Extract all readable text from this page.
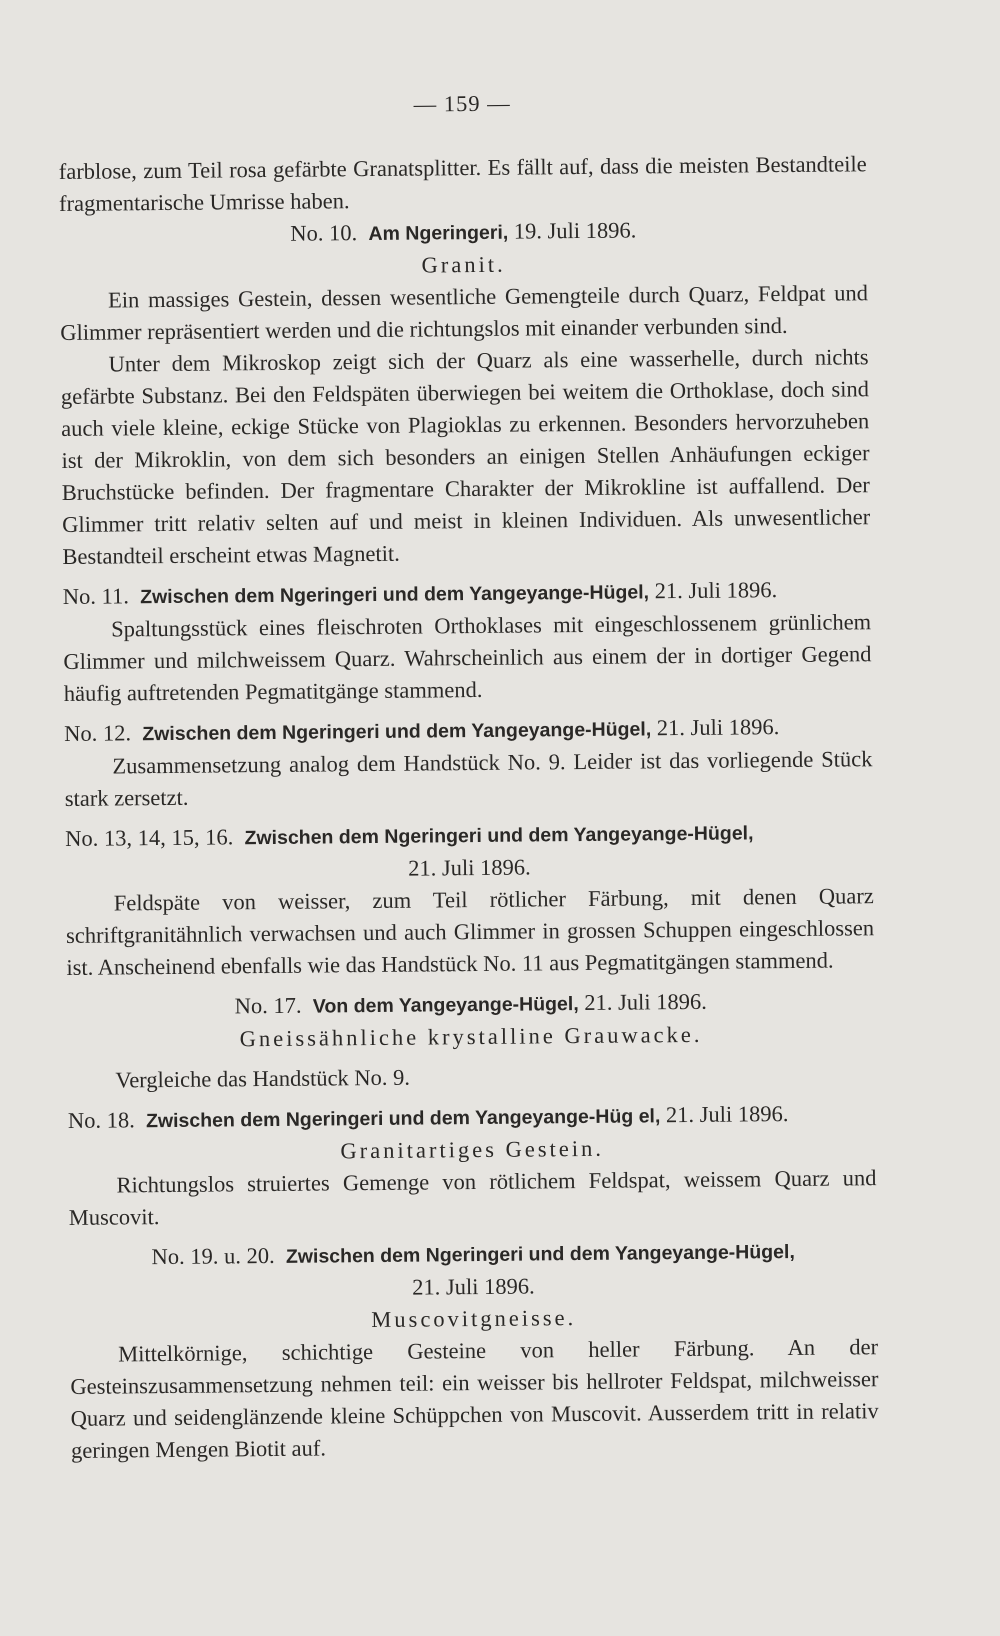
— 159 —

farblose, zum Teil rosa gefärbte Granatsplitter. Es fällt auf, dass die meisten Bestandteile fragmentarische Umrisse haben.

No. 10. Am Ngeringeri, 19. Juli 1896.
Granit.

Ein massiges Gestein, dessen wesentliche Gemengteile durch Quarz, Feldpat und Glimmer repräsentiert werden und die richtungslos mit einander verbunden sind.

Unter dem Mikroskop zeigt sich der Quarz als eine wasserhelle, durch nichts gefärbte Substanz. Bei den Feldspäten überwiegen bei weitem die Orthoklase, doch sind auch viele kleine, eckige Stücke von Plagioklas zu erkennen. Besonders hervorzuheben ist der Mikroklin, von dem sich besonders an einigen Stellen Anhäufungen eckiger Bruchstücke befinden. Der fragmentare Charakter der Mikrokline ist auffallend. Der Glimmer tritt relativ selten auf und meist in kleinen Individuen. Als unwesentlicher Bestandteil erscheint etwas Magnetit.

No. 11. Zwischen dem Ngeringeri und dem Yangeyange-Hügel, 21. Juli 1896.

Spaltungsstück eines fleischroten Orthoklases mit eingeschlossenem grünlichem Glimmer und milchweissem Quarz. Wahrscheinlich aus einem der in dortiger Gegend häufig auftretenden Pegmatitgänge stammend.

No. 12. Zwischen dem Ngeringeri und dem Yangeyange-Hügel, 21. Juli 1896.

Zusammensetzung analog dem Handstück No. 9. Leider ist das vorliegende Stück stark zersetzt.

No. 13, 14, 15, 16. Zwischen dem Ngeringeri und dem Yangeyange-Hügel,
21. Juli 1896.

Feldspäte von weisser, zum Teil rötlicher Färbung, mit denen Quarz schriftgranitähnlich verwachsen und auch Glimmer in grossen Schuppen eingeschlossen ist. Anscheinend ebenfalls wie das Handstück No. 11 aus Pegmatitgängen stammend.

No. 17. Von dem Yangeyange-Hügel, 21. Juli 1896.
Gneissähnliche krystalline Grauwacke.

Vergleiche das Handstück No. 9.

No. 18. Zwischen dem Ngeringeri und dem Yangeyange-Hüg el, 21. Juli 1896.
Granitartiges Gestein.

Richtungslos struiertes Gemenge von rötlichem Feldspat, weissem Quarz und Muscovit.

No. 19. u. 20. Zwischen dem Ngeringeri und dem Yangeyange-Hügel,
21. Juli 1896.
Muscovitgneisse.

Mittelkörnige, schichtige Gesteine von heller Färbung. An der Gesteinszusammensetzung nehmen teil: ein weisser bis hellroter Feldspat, milchweisser Quarz und seidenglänzende kleine Schüppchen von Muscovit. Ausserdem tritt in relativ geringen Mengen Biotit auf.
